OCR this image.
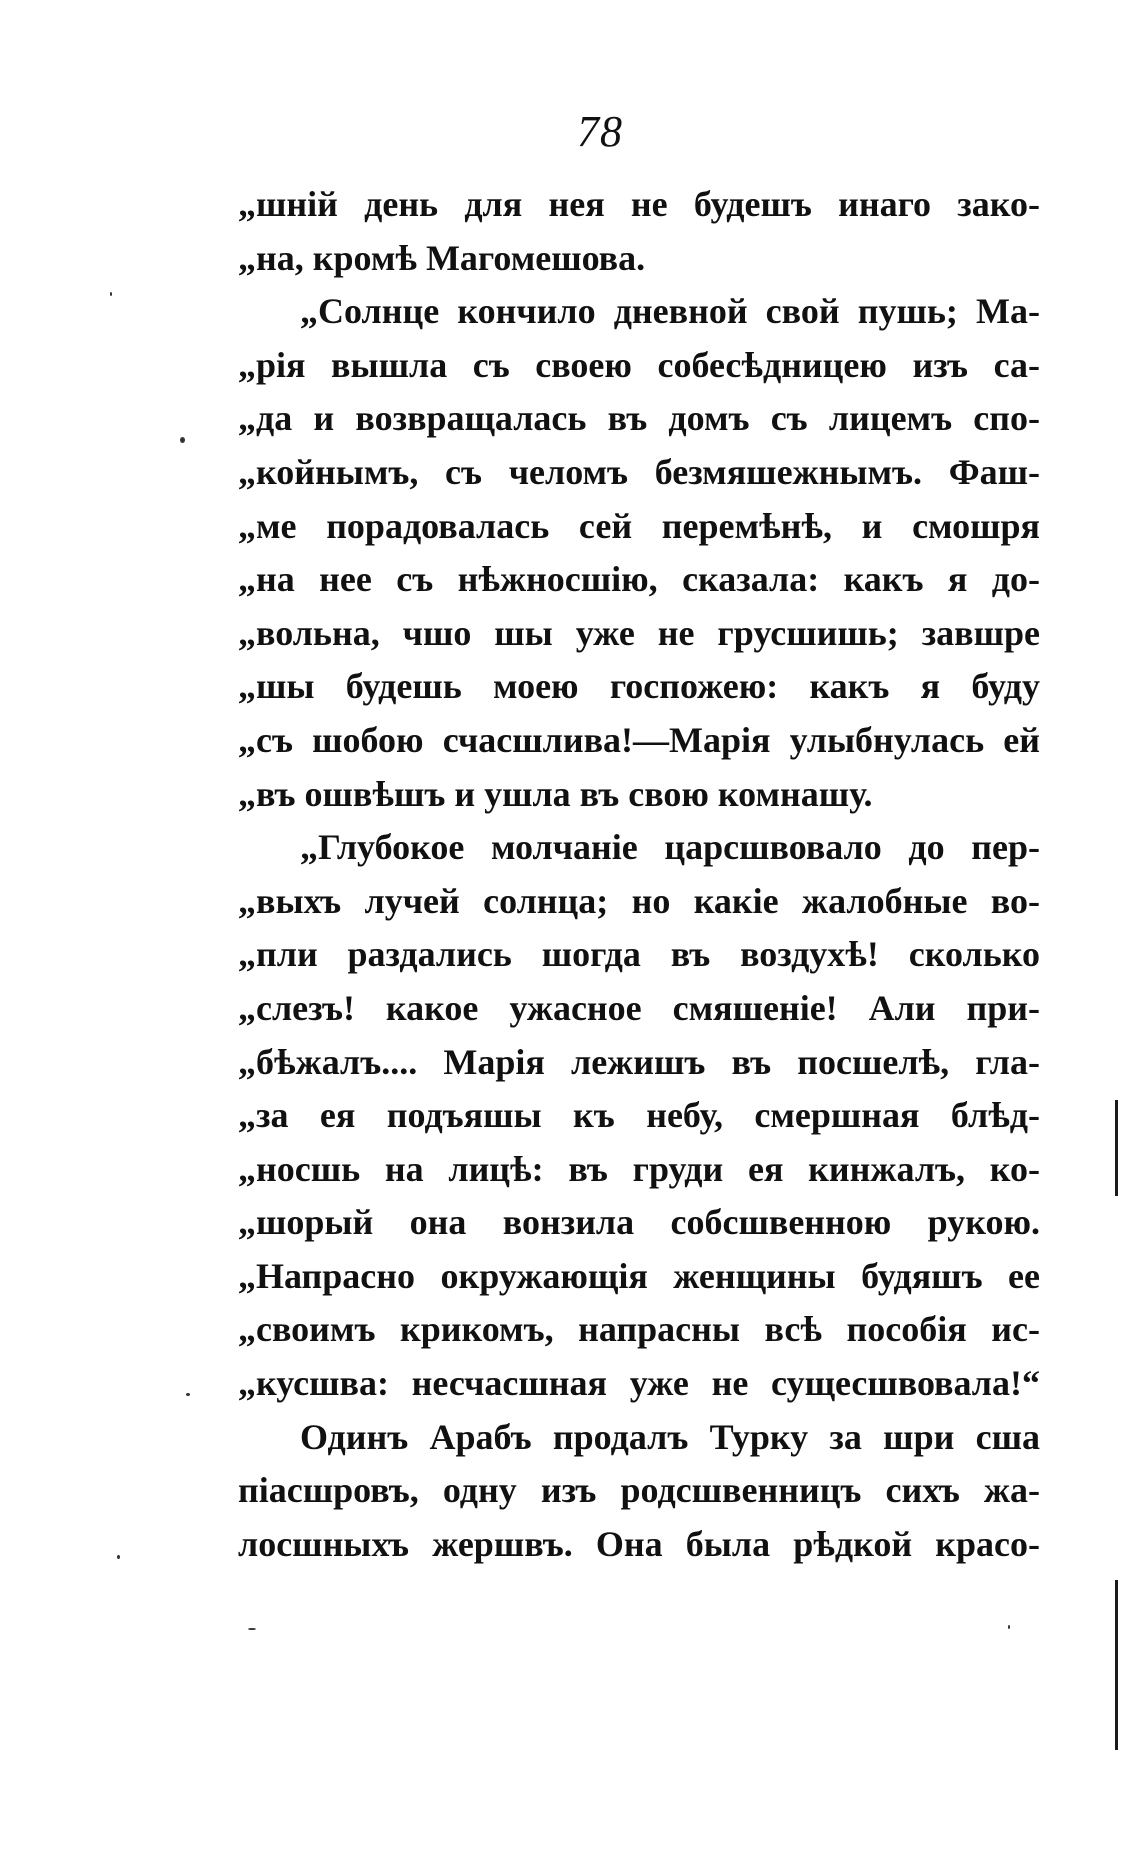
78
„шній день для нея не будешъ инаго зако-
„на, кромѣ Магомешова.
„Солнце кончило дневной свой пушь; Ма-
„рія вышла съ своею собесѣдницею изъ са-
„да и возвращалась въ домъ съ лицемъ спо-
„койнымъ, съ челомъ безмяшежнымъ. Фаш-
„ме порадовалась сей перемѣнѣ, и смошря
„на нее съ нѣжносшію, сказала: какъ я до-
„вольна, чшо шы уже не грусшишь; завшре
„шы будешь моею госпожею: какъ я буду
„съ шобою счасшлива!—Марія улыбнулась ей
„въ ошвѣшъ и ушла въ свою комнашу.
„Глубокое молчаніе царсшвовало до пер-
„выхъ лучей солнца; но какіе жалобные во-
„пли раздались шогда въ воздухѣ! сколько
„слезъ! какое ужасное смяшеніе! Али при-
„бѣжалъ.... Марія лежишъ въ посшелѣ, гла-
„за ея подъяшы къ небу, смершная блѣд-
„носшь на лицѣ: въ груди ея кинжалъ, ко-
„шорый она вонзила собсшвенною рукою.
„Напрасно окружающія женщины будяшъ ее
„своимъ крикомъ, напрасны всѣ пособія ис-
„кусшва: несчасшная уже не сущесшвовала!“
Одинъ Арабъ продалъ Турку за шри сша
піасшровъ, одну изъ родсшвенницъ сихъ жа-
лосшныхъ жершвъ. Она была рѣдкой красо-
